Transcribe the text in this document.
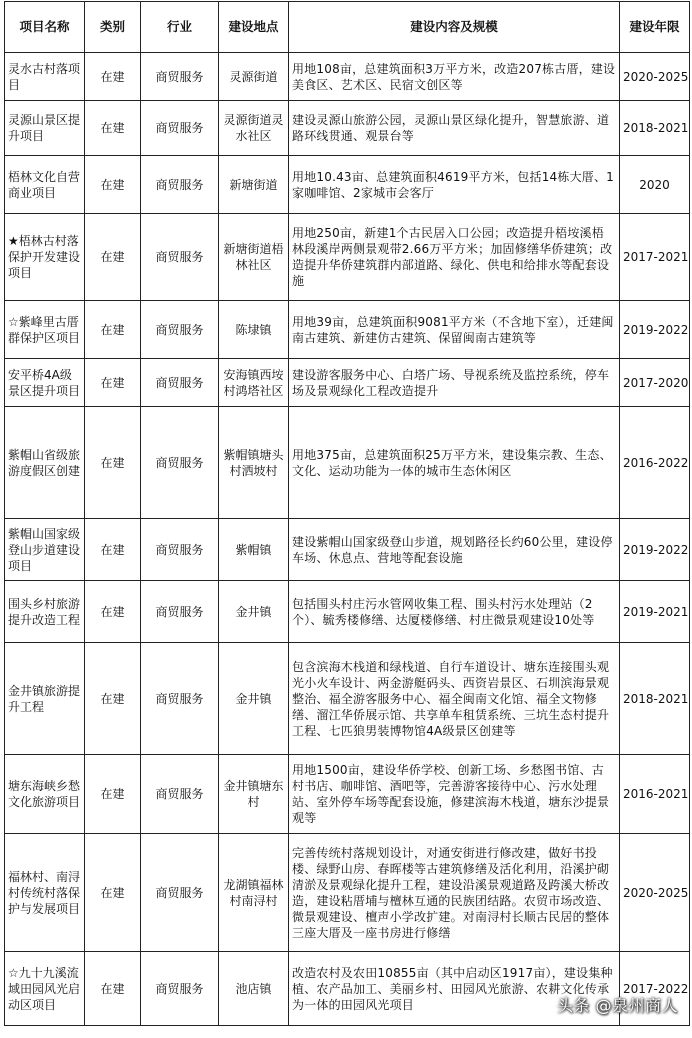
项目名称	类别	行业	建设地点	建设内容及规模	建设年限
灵水古村落项目	在建	商贸服务	灵源街道	用地108亩，总建筑面积3万平方米，改造207栋古厝，建设美食区、艺术区、民宿文创区等	2020-2025
灵源山景区提升项目	在建	商贸服务	灵源街道灵水社区	建设灵源山旅游公园，灵源山景区绿化提升，智慧旅游、道路环线贯通、观景台等	2018-2021
梧林文化自营商业项目	在建	商贸服务	新塘街道	用地10.43亩、总建筑面积4619平方米，包括14栋大厝、1家咖啡馆、2家城市会客厅	2020
★梧林古村落保护开发建设项目	在建	商贸服务	新塘街道梧林社区	用地250亩，新建1个古民居入口公园；改造提升梧垵溪梧林段溪岸两侧景观带2.66万平方米；加固修缮华侨建筑；改造提升华侨建筑群内部道路、绿化、供电和给排水等配套设施	2017-2021
☆紫峰里古厝群保护区项目	在建	商贸服务	陈埭镇	用地39亩，总建筑面积9081平方米（不含地下室），迁建闽南古建筑、新建仿古建筑、保留闽南古建筑等	2019-2022
安平桥4A级景区提升项目	在建	商贸服务	安海镇西垵村鸿塔社区	建设游客服务中心、白塔广场、导视系统及监控系统，停车场及景观绿化工程改造提升	2017-2020
紫帽山省级旅游度假区创建	在建	商贸服务	紫帽镇塘头村洒坡村	用地375亩，总建筑面积25万平方米，建设集宗教、生态、文化、运动功能为一体的城市生态休闲区	2016-2022
紫帽山国家级登山步道建设项目	在建	商贸服务	紫帽镇	建设紫帽山国家级登山步道，规划路径长约60公里，建设停车场、休息点、营地等配套设施	2019-2022
围头乡村旅游提升改造工程	在建	商贸服务	金井镇	包括围头村庄污水管网收集工程、围头村污水处理站（2个）、毓秀楼修缮、达厦楼修缮、村庄微景观建设10处等	2019-2021
金井镇旅游提升工程	在建	商贸服务	金井镇	包含滨海木栈道和绿栈道、自行车道设计、塘东连接围头观光小火车设计、两金游艇码头、西资岩景区、石圳滨海景观整治、福全游客服务中心、福全闽南文化馆、福全文物修缮、溜江华侨展示馆、共享单车租赁系统、三坑生态村提升工程、七匹狼男装博物馆4A级景区创建等	2018-2021
塘东海峡乡愁文化旅游项目	在建	商贸服务	金井镇塘东村	用地1500亩，建设华侨学校、创新工场、乡愁图书馆、古村书店、咖啡馆、酒吧等，完善游客接待中心、污水处理站、室外停车场等配套设施，修建滨海木栈道，塘东沙提景观等	2016-2021
福林村、南浔村传统村落保护与发展项目	在建	商贸服务	龙湖镇福林村南浔村	完善传统村落规划设计，对通安街进行修改建，做好书投楼、绿野山房、春晖楼等古建筑修缮及活化利用，沿溪护砌清淤及景观绿化提升工程，建设沿溪景观道路及跨溪大桥改造，建设粘厝埔与檀林互通的民族团结路。农贸市场改造、微景观建设、檀声小学改扩建。对南浔村长顺古民居的整体三座大厝及一座书房进行修缮	2020-2025
☆九十九溪流域田园风光启动区项目	在建	商贸服务	池店镇	改造农村及农田10855亩（其中启动区1917亩），建设集种植、农产品加工、美丽乡村、田园风光旅游、农耕文化传承为一体的田园风光项目	2017-2022
头条 @泉州商人
